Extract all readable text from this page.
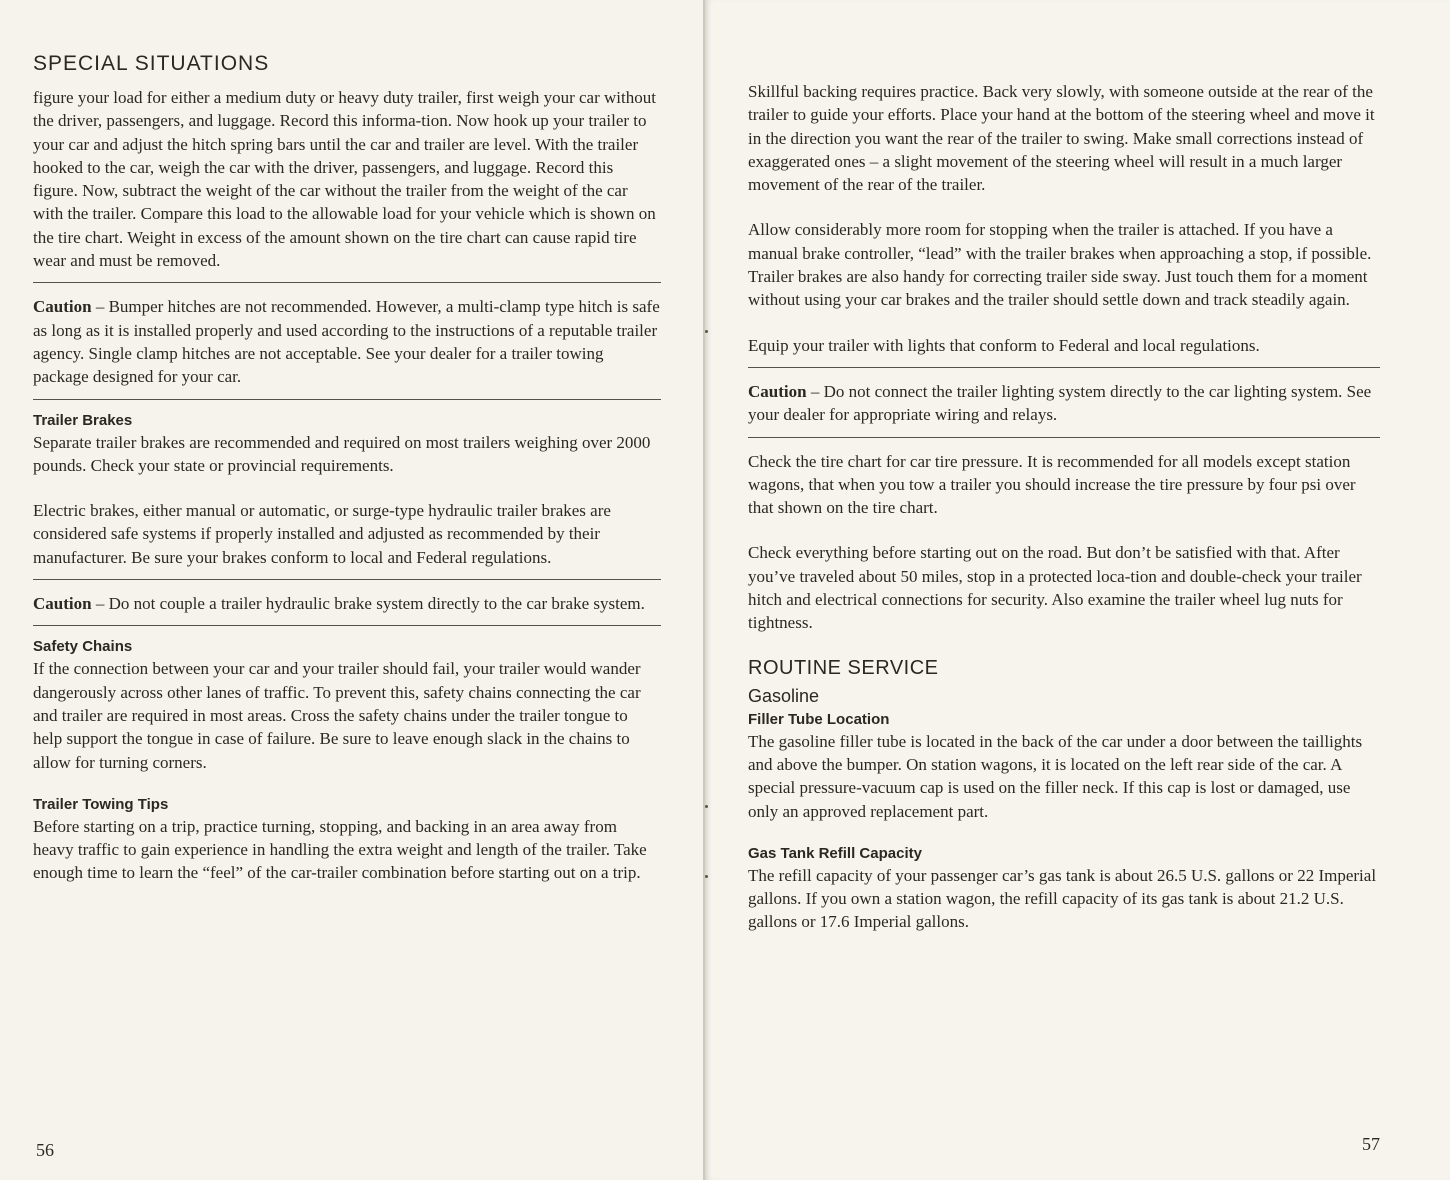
SPECIAL SITUATIONS

figure your load for either a medium duty or heavy duty trailer, first weigh your car without the driver, passengers, and luggage. Record this informa-tion. Now hook up your trailer to your car and adjust the hitch spring bars until the car and trailer are level. With the trailer hooked to the car, weigh the car with the driver, passengers, and luggage. Record this figure. Now, subtract the weight of the car without the trailer from the weight of the car with the trailer. Compare this load to the allowable load for your vehicle which is shown on the tire chart. Weight in excess of the amount shown on the tire chart can cause rapid tire wear and must be removed.

Caution – Bumper hitches are not recommended. However, a multi-clamp type hitch is safe as long as it is installed properly and used according to the instructions of a reputable trailer agency. Single clamp hitches are not acceptable. See your dealer for a trailer towing package designed for your car.

Trailer Brakes

Separate trailer brakes are recommended and required on most trailers weighing over 2000 pounds. Check your state or provincial requirements.

Electric brakes, either manual or automatic, or surge-type hydraulic trailer brakes are considered safe systems if properly installed and adjusted as recommended by their manufacturer. Be sure your brakes conform to local and Federal regulations.

Caution – Do not couple a trailer hydraulic brake system directly to the car brake system.

Safety Chains

If the connection between your car and your trailer should fail, your trailer would wander dangerously across other lanes of traffic. To prevent this, safety chains connecting the car and trailer are required in most areas. Cross the safety chains under the trailer tongue to help support the tongue in case of failure. Be sure to leave enough slack in the chains to allow for turning corners.

Trailer Towing Tips

Before starting on a trip, practice turning, stopping, and backing in an area away from heavy traffic to gain experience in handling the extra weight and length of the trailer. Take enough time to learn the “feel” of the car-trailer combination before starting out on a trip.

56

Skillful backing requires practice. Back very slowly, with someone outside at the rear of the trailer to guide your efforts. Place your hand at the bottom of the steering wheel and move it in the direction you want the rear of the trailer to swing. Make small corrections instead of exaggerated ones – a slight movement of the steering wheel will result in a much larger movement of the rear of the trailer.

Allow considerably more room for stopping when the trailer is attached. If you have a manual brake controller, “lead” with the trailer brakes when approaching a stop, if possible. Trailer brakes are also handy for correcting trailer side sway. Just touch them for a moment without using your car brakes and the trailer should settle down and track steadily again.

Equip your trailer with lights that conform to Federal and local regulations.

Caution – Do not connect the trailer lighting system directly to the car lighting system. See your dealer for appropriate wiring and relays.

Check the tire chart for car tire pressure. It is recommended for all models except station wagons, that when you tow a trailer you should increase the tire pressure by four psi over that shown on the tire chart.

Check everything before starting out on the road. But don’t be satisfied with that. After you’ve traveled about 50 miles, stop in a protected loca-tion and double-check your trailer hitch and electrical connections for security. Also examine the trailer wheel lug nuts for tightness.

ROUTINE SERVICE
Gasoline
Filler Tube Location

The gasoline filler tube is located in the back of the car under a door between the taillights and above the bumper. On station wagons, it is located on the left rear side of the car. A special pressure-vacuum cap is used on the filler neck. If this cap is lost or damaged, use only an approved replacement part.

Gas Tank Refill Capacity

The refill capacity of your passenger car’s gas tank is about 26.5 U.S. gallons or 22 Imperial gallons. If you own a station wagon, the refill capacity of its gas tank is about 21.2 U.S. gallons or 17.6 Imperial gallons.

57
